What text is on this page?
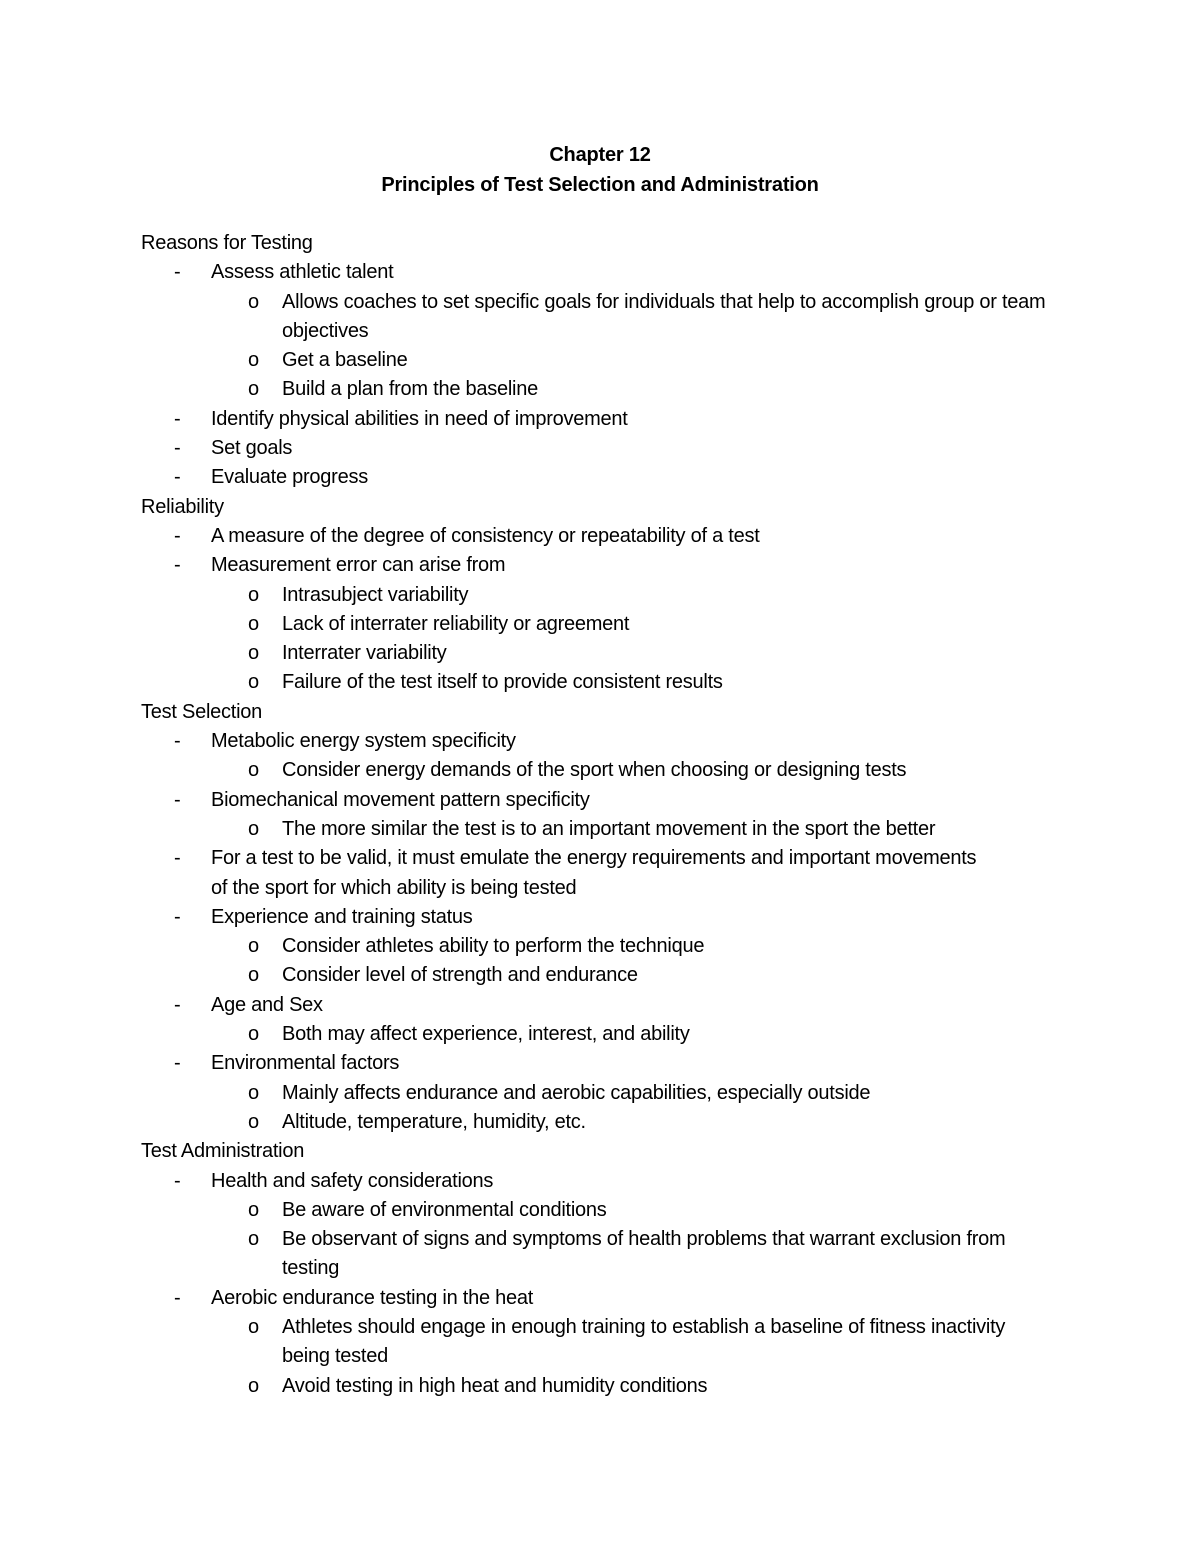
Chapter 12
Principles of Test Selection and Administration
Reasons for Testing
- Assess athletic talent
o Allows coaches to set specific goals for individuals that help to accomplish group or team objectives
o Get a baseline
o Build a plan from the baseline
- Identify physical abilities in need of improvement
- Set goals
- Evaluate progress
Reliability
- A measure of the degree of consistency or repeatability of a test
- Measurement error can arise from
o Intrasubject variability
o Lack of interrater reliability or agreement
o Interrater variability
o Failure of the test itself to provide consistent results
Test Selection
- Metabolic energy system specificity
o Consider energy demands of the sport when choosing or designing tests
- Biomechanical movement pattern specificity
o The more similar the test is to an important movement in the sport the better
- For a test to be valid, it must emulate the energy requirements and important movements of the sport for which ability is being tested
- Experience and training status
o Consider athletes ability to perform the technique
o Consider level of strength and endurance
- Age and Sex
o Both may affect experience, interest, and ability
- Environmental factors
o Mainly affects endurance and aerobic capabilities, especially outside
o Altitude, temperature, humidity, etc.
Test Administration
- Health and safety considerations
o Be aware of environmental conditions
o Be observant of signs and symptoms of health problems that warrant exclusion from testing
- Aerobic endurance testing in the heat
o Athletes should engage in enough training to establish a baseline of fitness inactivity being tested
o Avoid testing in high heat and humidity conditions
